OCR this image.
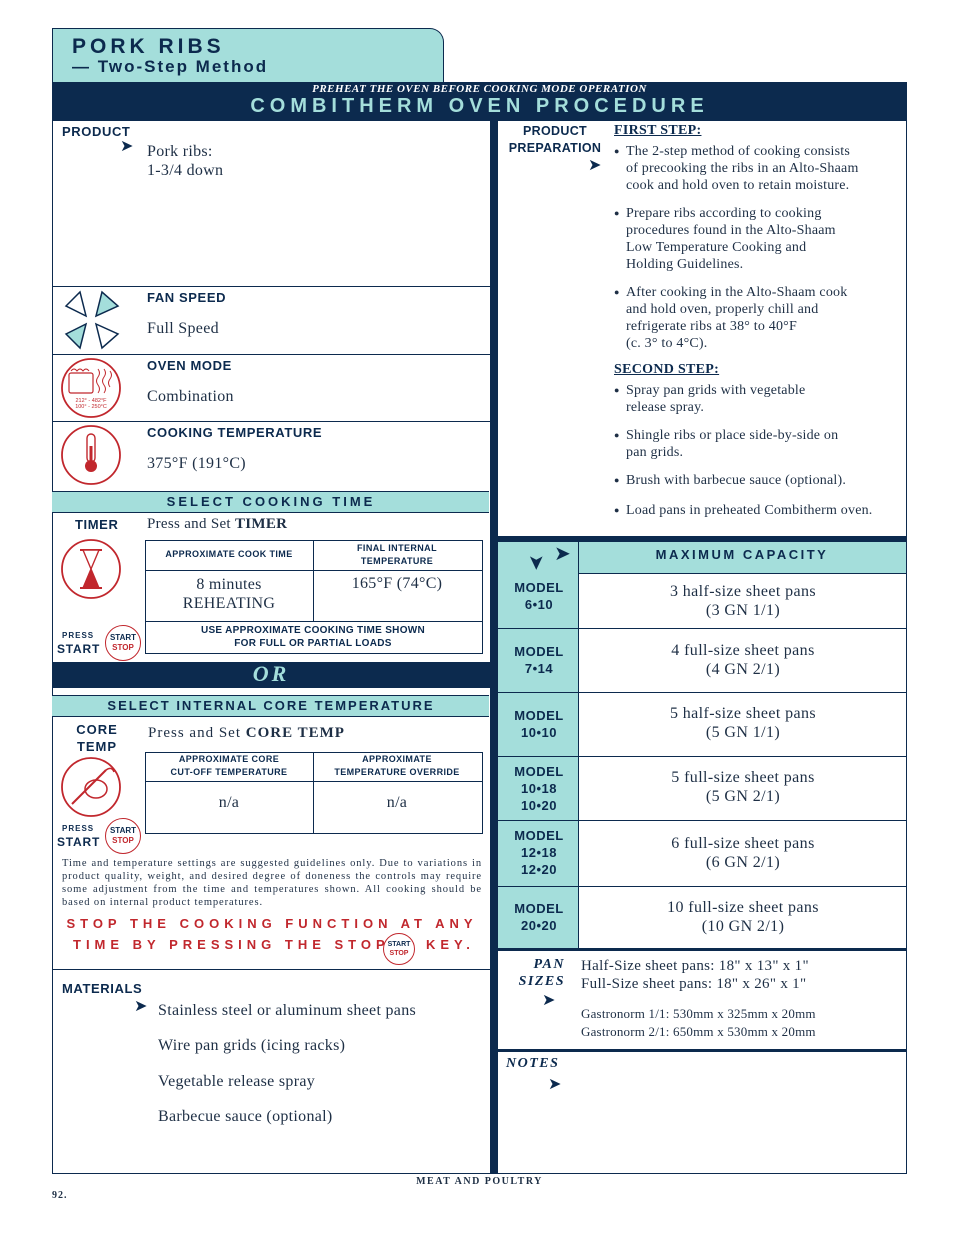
PORK RIBS
— Two-Step Method
PREHEAT THE OVEN BEFORE COOKING MODE OPERATION
COMBITHERM OVEN PROCEDURE
PRODUCT
➤ Pork ribs:
1-3/4 down
FAN SPEED
Full Speed
212° - 482°F
100° - 250°C
OVEN MODE
Combination
COOKING TEMPERATURE
375°F (191°C)
SELECT COOKING TIME
TIMER Press and Set TIMER
PRESS
START
START
STOP
APPROXIMATE COOK TIME
FINAL INTERNAL
TEMPERATURE
8 minutes
REHEATING
165°F (74°C)
USE APPROXIMATE COOKING TIME SHOWN
FOR FULL OR PARTIAL LOADS
OR
SELECT INTERNAL CORE TEMPERATURE
CORE
TEMP
Press and Set CORE TEMP
PRESS
START
START
STOP
APPROXIMATE CORE
CUT-OFF TEMPERATURE
APPROXIMATE
TEMPERATURE OVERRIDE
n/a	n/a
Time and temperature settings are suggested guidelines only. Due to variations in product quality, weight, and desired degree of doneness the controls may require some adjustment from the time and temperatures shown. All cooking should be based on internal product temperatures.
STOP THE COOKING FUNCTION AT ANY
TIME BY PRESSING THE STOP
START
STOP
KEY.
MATERIALS
➤ Stainless steel or aluminum sheet pans
Wire pan grids (icing racks)
Vegetable release spray
Barbecue sauce (optional)
PRODUCT
PREPARATION
➤
FIRST STEP:
● The 2-step method of cooking consists
of precooking the ribs in an Alto-Shaam
cook and hold oven to retain moisture.
● Prepare ribs according to cooking
procedures found in the Alto-Shaam
Low Temperature Cooking and
Holding Guidelines.
● After cooking in the Alto-Shaam cook
and hold oven, properly chill and
refrigerate ribs at 38° to 40°F
(c. 3° to 4°C).
SECOND STEP:
● Spray pan grids with vegetable
release spray.
● Shingle ribs or place side-by-side on
pan grids.
● Brush with barbecue sauce (optional).
● Load pans in preheated Combitherm oven.
MAXIMUM CAPACITY
➤ ➤
MODEL
6•10
3 half-size sheet pans
(3 GN 1/1)
MODEL
7•14
4 full-size sheet pans
(4 GN 2/1)
MODEL
10•10
5 half-size sheet pans
(5 GN 1/1)
MODEL
10•18
10•20
5 full-size sheet pans
(5 GN 2/1)
MODEL
12•18
12•20
6 full-size sheet pans
(6 GN 2/1)
MODEL
20•20
10 full-size sheet pans
(10 GN 2/1)
PAN
SIZES
➤
Half-Size sheet pans: 18" x 13" x 1"
Full-Size sheet pans: 18" x 26" x 1"
Gastronorm 1/1: 530mm x 325mm x 20mm
Gastronorm 2/1: 650mm x 530mm x 20mm
NOTES
➤
MEAT AND POULTRY
92.
